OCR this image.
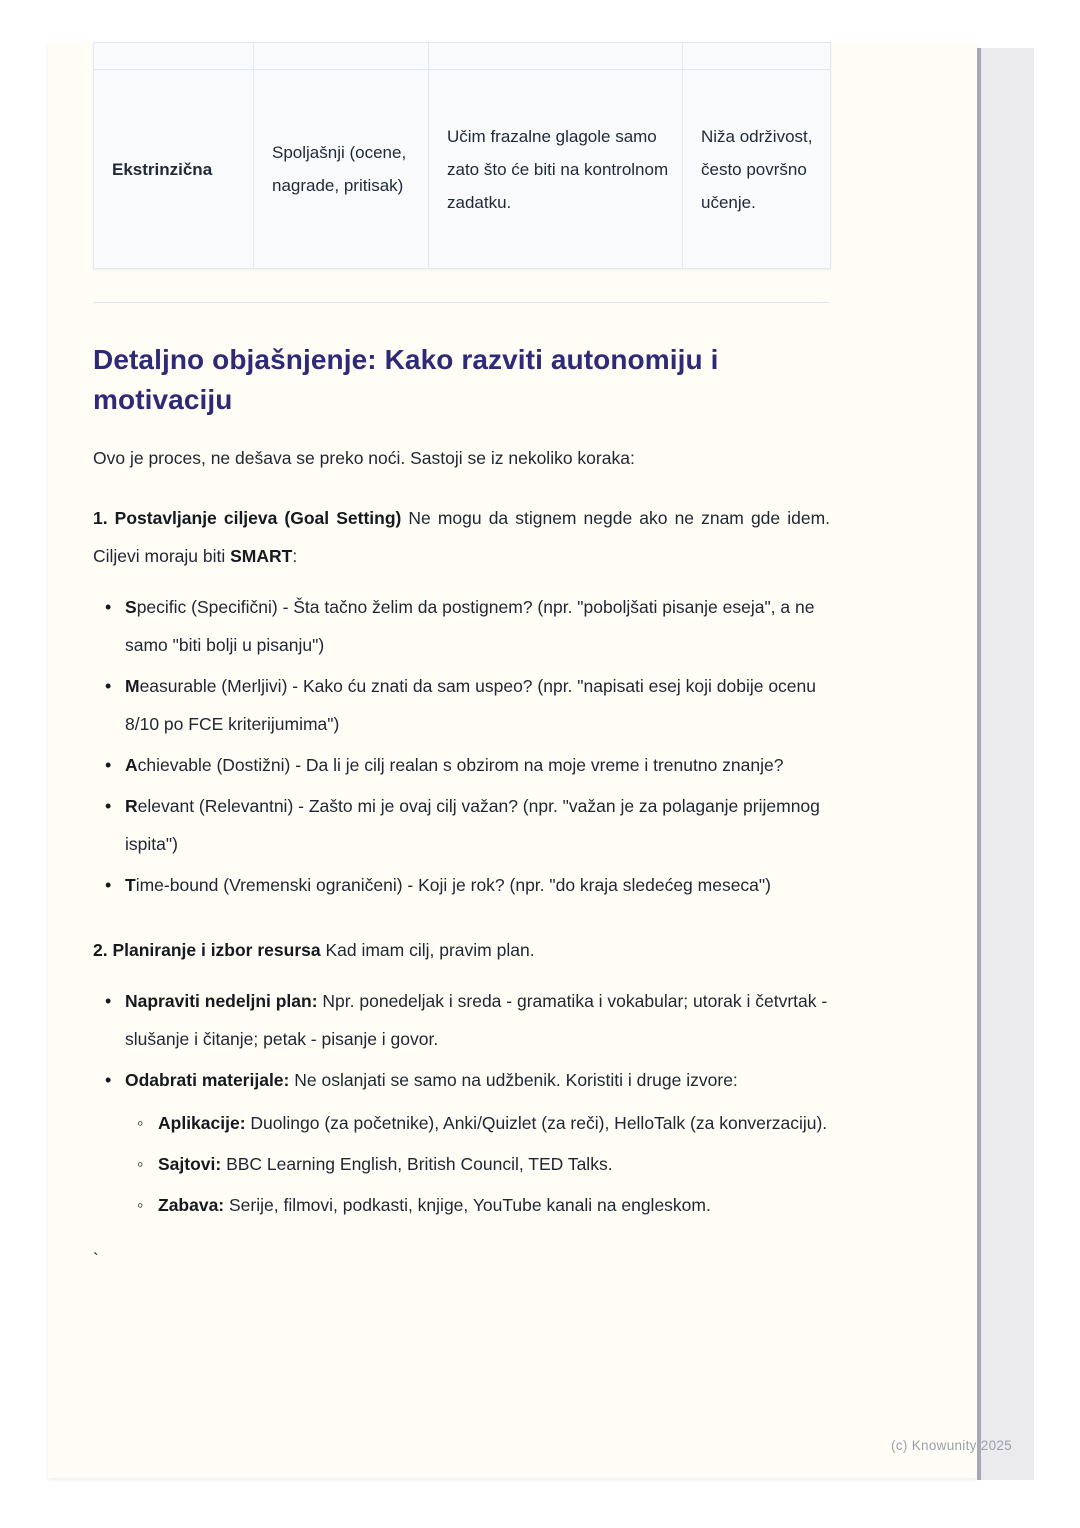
Ekstrinzična	Spoljašnji (ocene, nagrade, pritisak)	Učim frazalne glagole samo zato što će biti na kontrolnom zadatku.	Niža održivost, često površno učenje.
Detaljno objašnjenje: Kako razviti autonomiju i motivaciju

Ovo je proces, ne dešava se preko noći. Sastoji se iz nekoliko koraka:

1. Postavljanje ciljeva (Goal Setting) Ne mogu da stignem negde ako ne znam gde idem. Ciljevi moraju biti SMART:

• Specific (Specifični) - Šta tačno želim da postignem? (npr. "poboljšati pisanje eseja", a ne samo "biti bolji u pisanju")
• Measurable (Merljivi) - Kako ću znati da sam uspeo? (npr. "napisati esej koji dobije ocenu 8/10 po FCE kriterijumima")
• Achievable (Dostižni) - Da li je cilj realan s obzirom na moje vreme i trenutno znanje?
• Relevant (Relevantni) - Zašto mi je ovaj cilj važan? (npr. "važan je za polaganje prijemnog ispita")
• Time-bound (Vremenski ograničeni) - Koji je rok? (npr. "do kraja sledećeg meseca")

2. Planiranje i izbor resursa Kad imam cilj, pravim plan.

• Napraviti nedeljni plan: Npr. ponedeljak i sreda - gramatika i vokabular; utorak i četvrtak - slušanje i čitanje; petak - pisanje i govor.
• Odabrati materijale: Ne oslanjati se samo na udžbenik. Koristiti i druge izvore:
◦ Aplikacije: Duolingo (za početnike), Anki/Quizlet (za reči), HelloTalk (za konverzaciju).
◦ Sajtovi: BBC Learning English, British Council, TED Talks.
◦ Zabava: Serije, filmovi, podkasti, knjige, YouTube kanali na engleskom.
`
(c) Knowunity 2025
